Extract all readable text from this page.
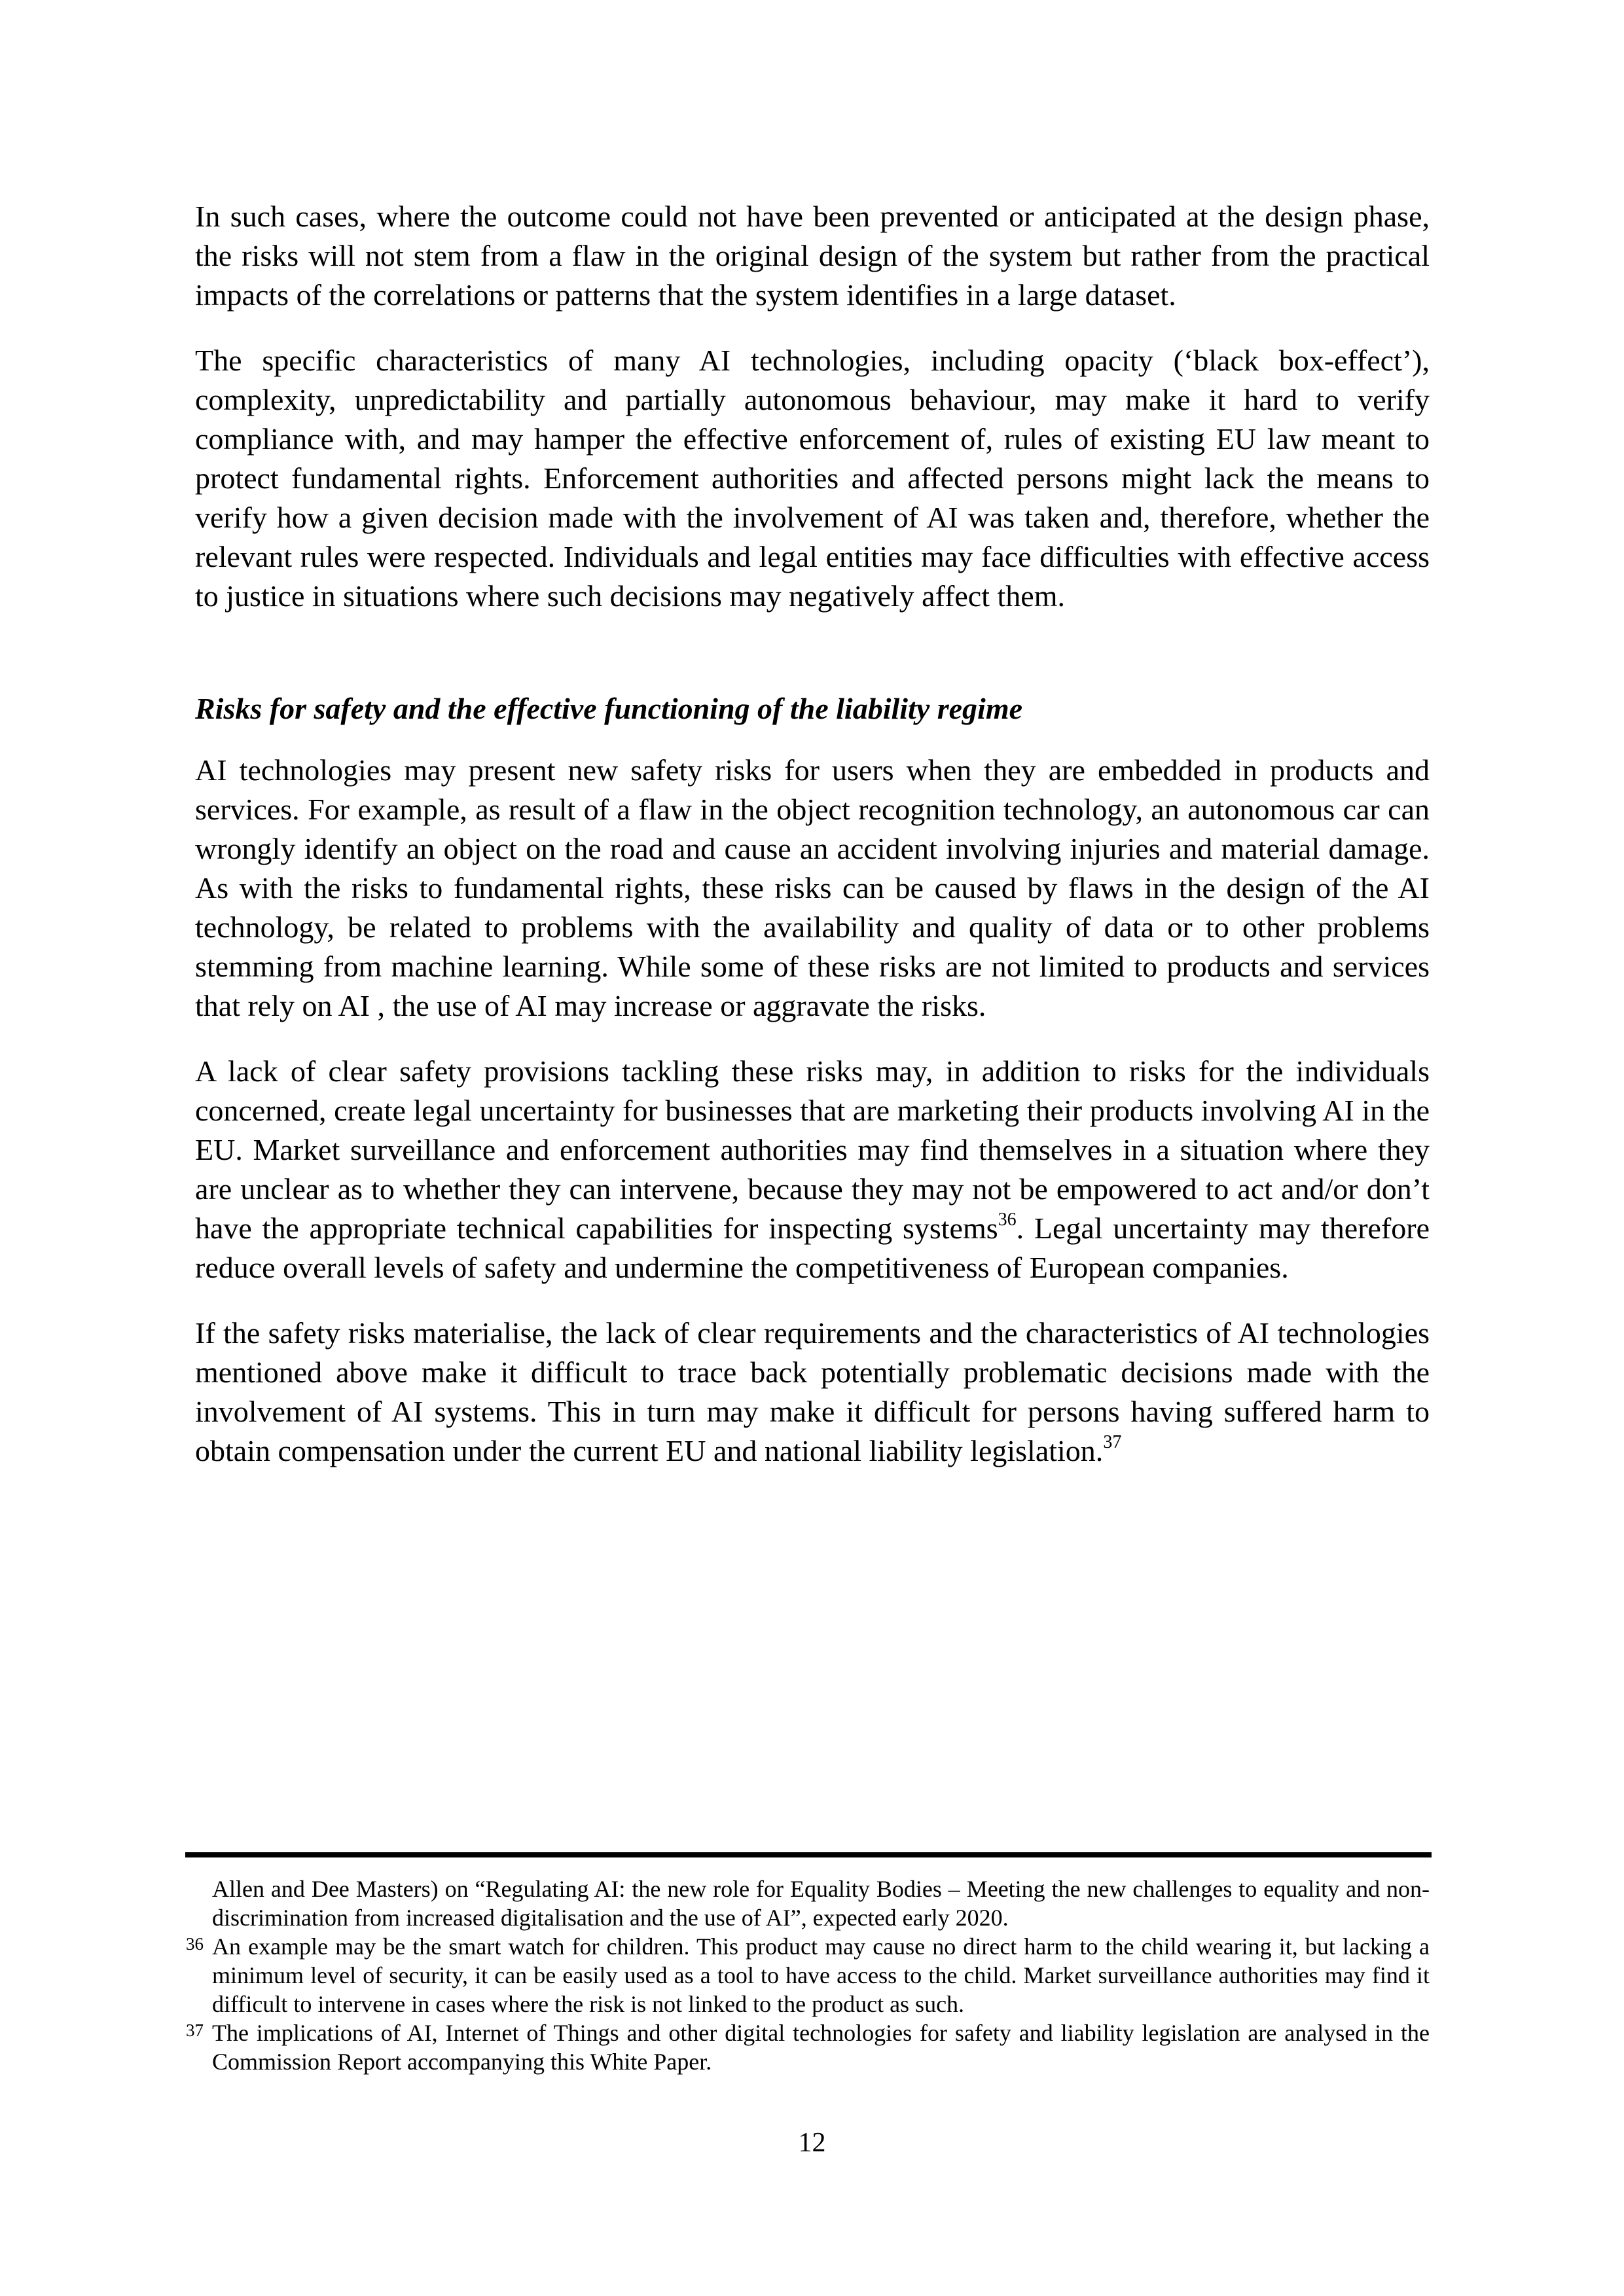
In such cases, where the outcome could not have been prevented or anticipated at the design phase, the risks will not stem from a flaw in the original design of the system but rather from the practical impacts of the correlations or patterns that the system identifies in a large dataset.

The specific characteristics of many AI technologies, including opacity (‘black box-effect’), complexity, unpredictability and partially autonomous behaviour, may make it hard to verify compliance with, and may hamper the effective enforcement of, rules of existing EU law meant to protect fundamental rights. Enforcement authorities and affected persons might lack the means to verify how a given decision made with the involvement of AI was taken and, therefore, whether the relevant rules were respected. Individuals and legal entities may face difficulties with effective access to justice in situations where such decisions may negatively affect them.

Risks for safety and the effective functioning of the liability regime

AI technologies may present new safety risks for users when they are embedded in products and services. For example, as result of a flaw in the object recognition technology, an autonomous car can wrongly identify an object on the road and cause an accident involving injuries and material damage. As with the risks to fundamental rights, these risks can be caused by flaws in the design of the AI technology, be related to problems with the availability and quality of data or to other problems stemming from machine learning. While some of these risks are not limited to products and services that rely on AI , the use of AI may increase or aggravate the risks.

A lack of clear safety provisions tackling these risks may, in addition to risks for the individuals concerned, create legal uncertainty for businesses that are marketing their products involving AI in the EU. Market surveillance and enforcement authorities may find themselves in a situation where they are unclear as to whether they can intervene, because they may not be empowered to act and/or don’t have the appropriate technical capabilities for inspecting systems$^{36}$. Legal uncertainty may therefore reduce overall levels of safety and undermine the competitiveness of European companies.

If the safety risks materialise, the lack of clear requirements and the characteristics of AI technologies mentioned above make it difficult to trace back potentially problematic decisions made with the involvement of AI systems. This in turn may make it difficult for persons having suffered harm to obtain compensation under the current EU and national liability legislation.$^{37}$

Allen and Dee Masters) on “Regulating AI: the new role for Equality Bodies – Meeting the new challenges to equality and non-discrimination from increased digitalisation and the use of AI”, expected early 2020.
36 An example may be the smart watch for children. This product may cause no direct harm to the child wearing it, but lacking a minimum level of security, it can be easily used as a tool to have access to the child. Market surveillance authorities may find it difficult to intervene in cases where the risk is not linked to the product as such.
37 The implications of AI, Internet of Things and other digital technologies for safety and liability legislation are analysed in the Commission Report accompanying this White Paper.
12
